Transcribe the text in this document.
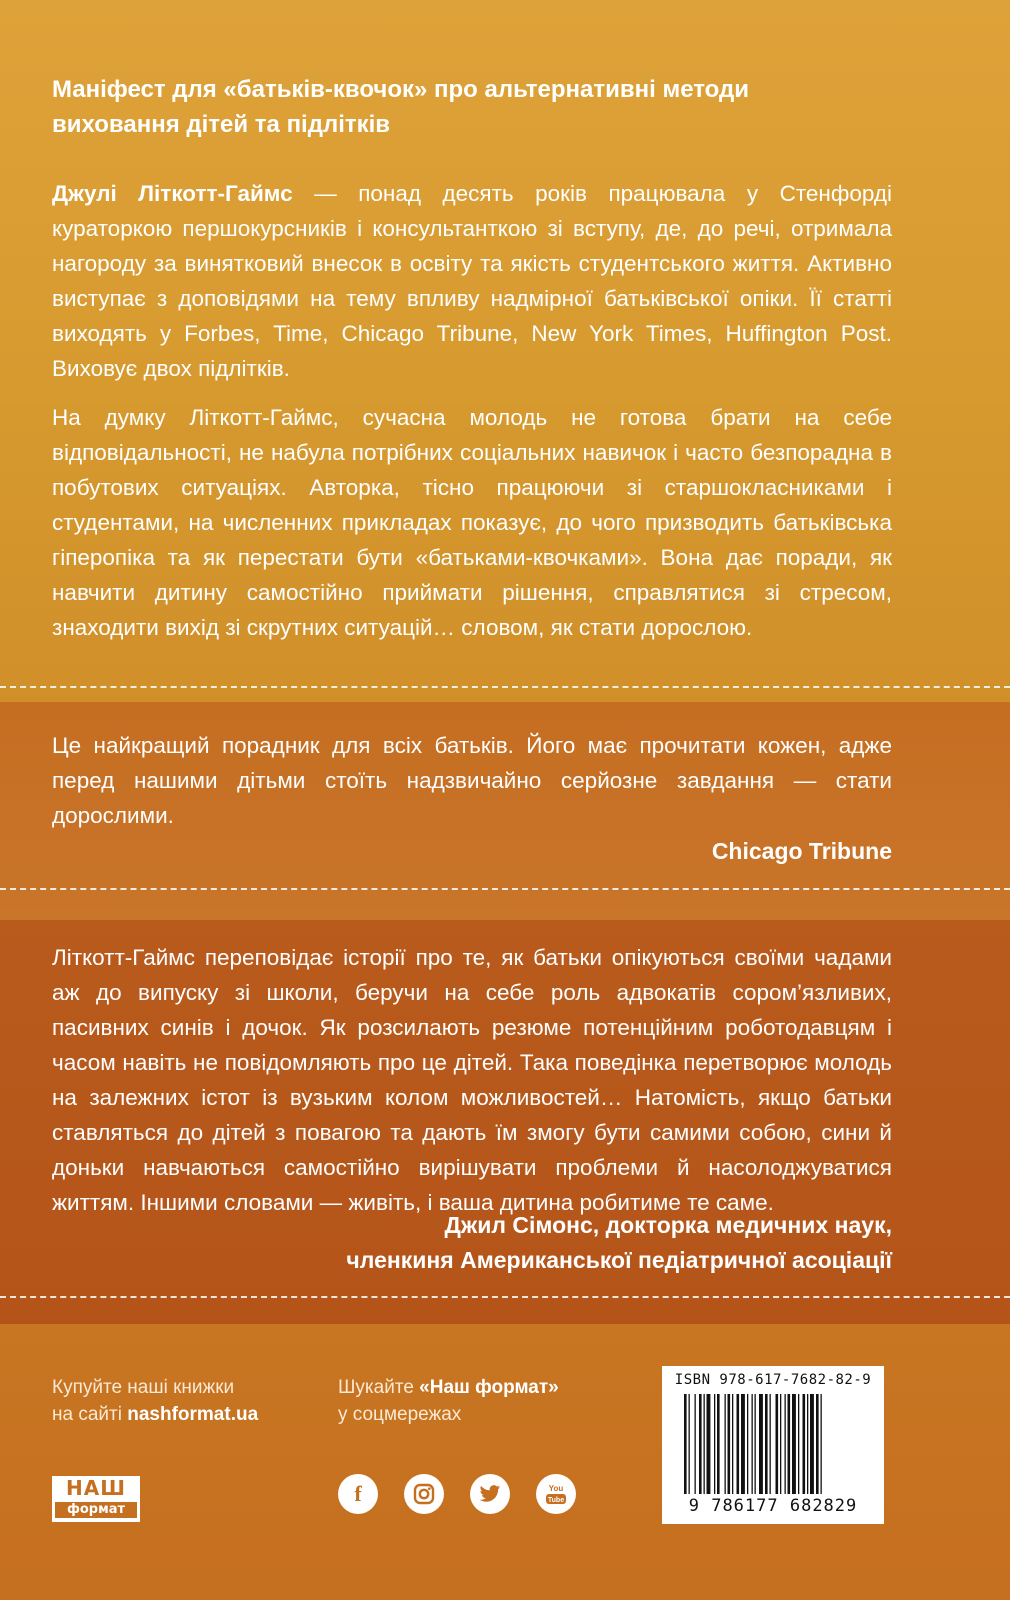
Маніфест для «батьків-квочок» про альтернативні методи
виховання дітей та підлітків
Джулі Літкотт-Гаймс — понад десять років працювала у Стенфорді кураторкою першокурсників і консультанткою зі вступу, де, до речі, отримала нагороду за винятковий внесок в освіту та якість студентського життя. Активно виступає з доповідями на тему впливу надмірної батьківської опіки. Її статті виходять у Forbes, Time, Chicago Tribune, New York Times, Huffington Post. Виховує двох підлітків.
На думку Літкотт-Гаймс, сучасна молодь не готова брати на себе відповідальності, не набула потрібних соціальних навичок і часто безпорадна в побутових ситуаціях. Авторка, тісно працюючи зі старшокласниками і студентами, на численних прикладах показує, до чого призводить батьківська гіперопіка та як перестати бути «батьками-квочками». Вона дає поради, як навчити дитину самостійно приймати рішення, справлятися зі стресом, знаходити вихід зі скрутних ситуацій… словом, як стати дорослою.
Це найкращий порадник для всіх батьків. Його має прочитати кожен, адже перед нашими дітьми стоїть надзвичайно серйозне завдання — стати дорослими.
Chicago Tribune
Літкотт-Гаймс переповідає історії про те, як батьки опікуються своїми чадами аж до випуску зі школи, беручи на себе роль адвокатів сором’язливих, пасивних синів і дочок. Як розсилають резюме потенційним роботодавцям і часом навіть не повідомляють про це дітей. Така поведінка перетворює молодь на залежних істот із вузьким колом можливостей… Натомість, якщо батьки ставляться до дітей з повагою та дають їм змогу бути самими собою, сини й доньки навчаються самостійно вирішувати проблеми й насолоджуватися життям. Іншими словами — живіть, і ваша дитина робитиме те саме.
Джил Сімонс, докторка медичних наук,
членкиня Американської педіатричної асоціації
Купуйте наші книжки
на сайті nashformat.ua
Шукайте «Наш формат»
у соцмережах
НАШ
формат
f	You
Tube
ISBN 978-617-7682-82-9
9 786177 682829
